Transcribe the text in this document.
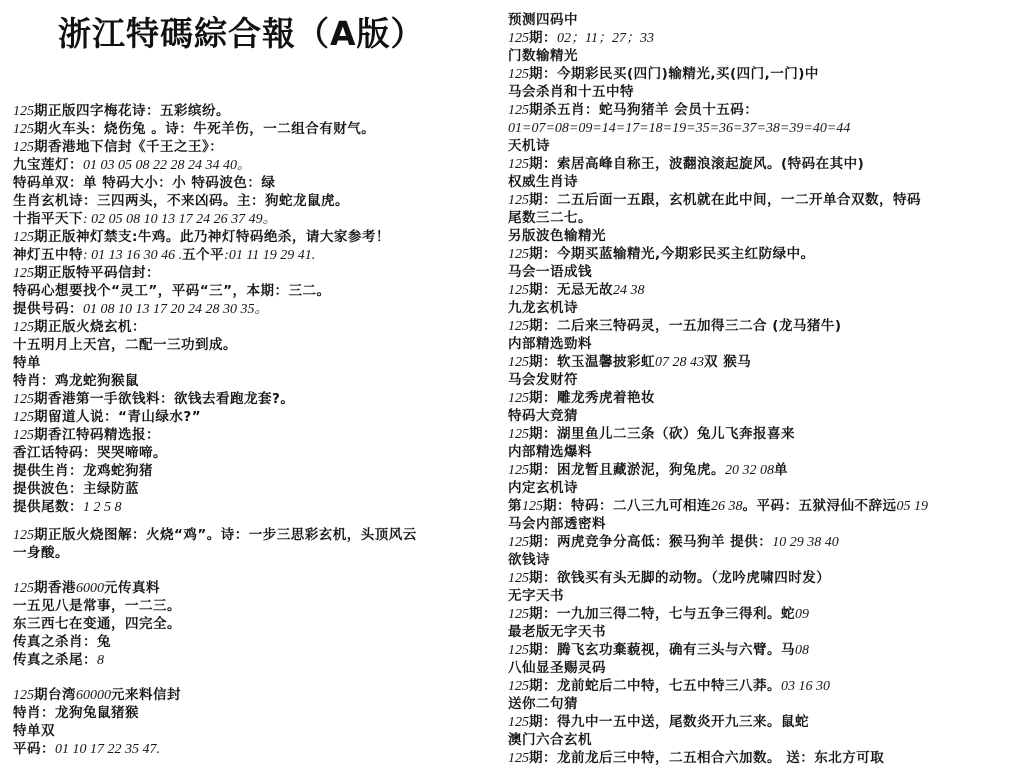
浙江特碼綜合報（A版）
125期正版四字梅花诗：五彩缤纷。
125期火车头：烧伤兔 。诗：牛死羊伤，一二组合有财气。
125期香港地下信封《千王之王》：
九宝莲灯：01 03 05 08 22 28 24 34 40。
特码单双：单 特码大小：小 特码波色：绿
生肖玄机诗：三四两头，不来凶码。主：狗蛇龙鼠虎。
十指平天下: 02 05 08 10 13 17 24 26 37 49。
125期正版神灯禁支:牛鸡。此乃神灯特码绝杀，请大家参考！
神灯五中特: 01 13 16 30 46 .五个平:01 11 19 29 41.
125期正版特平码信封：
特码心想要找个“灵工”，平码“三”，本期：三二。
提供号码：01 08 10 13 17 20 24 28 30 35。
125期正版火烧玄机：
十五明月上天宫，二配一三功到成。
特单
特肖：鸡龙蛇狗猴鼠
125期香港第一手欲钱料：欲钱去看跑龙套?。
125期留道人说：“青山绿水?”
125期香江特码精选报：
香江话特码：哭哭啼啼。
提供生肖：龙鸡蛇狗猪
提供波色：主绿防蓝
提供尾数：1 2 5 8
125期正版火烧图解：火烧“鸡”。诗：一步三思彩玄机，头顶风云
一身酸。
125期香港6000元传真料
一五见八是常事，一二三。
东三西七在变通，四完全。
传真之杀肖：兔
传真之杀尾：8
125期台湾60000元来料信封
特肖：龙狗兔鼠猪猴
特单双
平码：01 10 17 22 35 47.
预测四码中
125期：02；11；27；33
门数输精光
125期：今期彩民买(四门)输精光,买(四门,一门)中
马会杀肖和十五中特
125期杀五肖：蛇马狗猪羊 会员十五码：
01=07=08=09=14=17=18=19=35=36=37=38=39=40=44
天机诗
125期：索居高峰自称王，波翻浪滚起旋风。(特码在其中)
权威生肖诗
125期：二五后面一五跟，玄机就在此中间，一二开单合双数，特码
尾数三二七。
另版波色输精光
125期：今期买蓝输精光,今期彩民买主红防绿中。
马会一语成钱
125期：无忌无故24 38
九龙玄机诗
125期：二后来三特码灵，一五加得三二合 (龙马猪牛)
内部精选勁料
125期：软玉温馨披彩虹07 28 43双 猴马
马会发财符
125期：雕龙秀虎着艳妆
特码大竞猜
125期：湖里鱼儿二三条（砍）兔儿飞奔报喜来
内部精选爆料
125期：困龙暂且藏淤泥，狗兔虎。20 32 08单
内定玄机诗
第125期：特码：二八三九可相连26 38。平码：五狱浔仙不辞远05 19
马会内部透密料
125期：两虎竞争分高低：猴马狗羊 提供：10 29 38 40
欲钱诗
125期：欲钱买有头无脚的动物。（龙吟虎啸四时发）
无字天书
125期：一九加三得二特，七与五争三得利。蛇09
最老版无字天书
125期：腾飞玄功棄藐视，确有三头与六臂。马08
八仙显圣赐灵码
125期：龙前蛇后二中特，七五中特三八莽。03 16 30
送你二句猜
125期：得九中一五中送，尾数炎开九三来。鼠蛇
澳门六合玄机
125期：龙前龙后三中特，二五相合六加数。 送：东北方可取
